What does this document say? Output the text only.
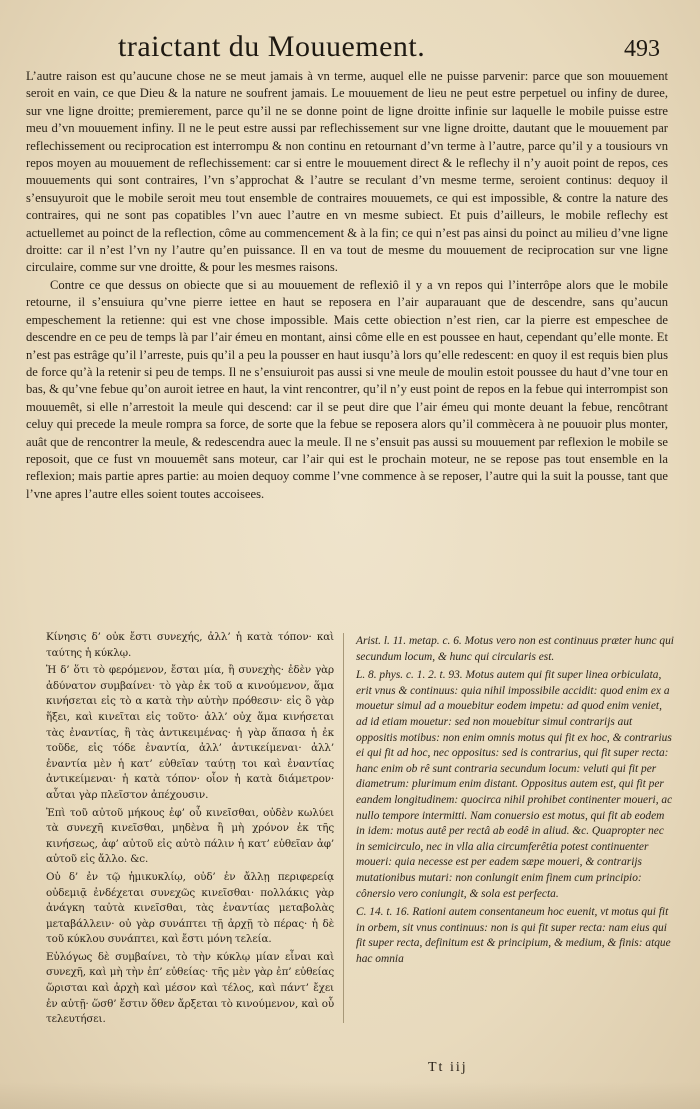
traictant du Mouuement.	493

L’autre raison est qu’aucune chose ne se meut jamais à vn terme, auquel elle ne puisse parvenir: parce que son mouuement seroit en vain, ce que Dieu & la nature ne soufrent jamais. Le mouuement de lieu ne peut estre perpetuel ou infiny de duree, sur vne ligne droitte; premierement, parce qu’il ne se donne point de ligne droitte infinie sur laquelle le mobile puisse estre meu d’vn mouuement infiny. Il ne le peut estre aussi par reflechissement sur vne ligne droitte, dautant que le mouuement par reflechissement ou reciprocation est interrompu & non continu en retournant d’vn terme à l’autre, parce qu’il y a tousiours vn repos moyen au mouuement de reflechissement: car si entre le mouuement direct & le reflechy il n’y auoit point de repos, ces mouuements qui sont contraires, l’vn s’approchat & l’autre se reculant d’vn mesme terme, seroient continus: dequoy il s’ensuyuroit que le mobile seroit meu tout ensemble de contraires mouuemets, ce qui est impossible, & contre la nature des contraires, qui ne sont pas copatibles l’vn auec l’autre en vn mesme subiect. Et puis d’ailleurs, le mobile reflechy est actuellemet au poinct de la reflection, côme au commencement & à la fin; ce qui n’est pas ainsi du poinct au milieu d’vne ligne droitte: car il n’est l’vn ny l’autre qu’en puissance. Il en va tout de mesme du mouuement de reciprocation sur vne ligne circulaire, comme sur vne droitte, & pour les mesmes raisons.

Contre ce que dessus on obiecte que si au mouuement de reflexiô il y a vn repos qui l’interrôpe alors que le mobile retourne, il s’ensuiura qu’vne pierre iettee en haut se reposera en l’air auparauant que de descendre, sans qu’aucun empeschement la retienne: qui est vne chose impossible. Mais cette obiection n’est rien, car la pierre est empeschee de descendre en ce peu de temps là par l’air émeu en montant, ainsi côme elle en est poussee en haut, cependant qu’elle monte. Et n’est pas estrâge qu’il l’arreste, puis qu’il a peu la pousser en haut iusqu’à lors qu’elle redescent: en quoy il est requis bien plus de force qu’à la retenir si peu de temps. Il ne s’ensuiuroit pas aussi si vne meule de moulin estoit poussee du haut d’vne tour en bas, & qu’vne febue qu’on auroit ietree en haut, la vint rencontrer, qu’il n’y eust point de repos en la febue qui interrompist son mouuemêt, si elle n’arrestoit la meule qui descend: car il se peut dire que l’air émeu qui monte deuant la febue, rencôtrant celuy qui precede la meule rompra sa force, de sorte que la febue se reposera alors qu’il commècera à ne pouuoir plus monter, auât que de rencontrer la meule, & redescendra auec la meule. Il ne s’ensuit pas aussi su mouuement par reflexion le mobile se reposoit, que ce fust vn mouuemêt sans moteur, car l’air qui est le prochain moteur, ne se repose pas tout ensemble en la reflexion; mais partie apres partie: au moien dequoy comme l’vne commence à se reposer, l’autre qui la suit la pousse, tant que l’vne apres l’autre elles soient toutes accoisees.

Κίνησις δ’ οὐκ ἔστι συνεχής, ἀλλ’ ἡ κατὰ τόπον· καὶ ταύτης ἡ κύκλῳ.

Ἡ δ’ ὅτι τὸ φερόμενον, ἔσται μία, ἢ συνεχὴς· ἐδὲν γὰρ ἀδύνατον συμβαίνει· τὸ γὰρ ἐκ τοῦ α κινούμενον, ἅμα κινήσεται εἰς τὸ α κατὰ τὴν αὐτὴν πρόθεσιν· εἰς ὃ γὰρ ἥξει, καὶ κινεῖται εἰς τοῦτο· ἀλλ’ οὐχ ἅμα κινήσεται τὰς ἐναντίας, ἢ τὰς ἀντικειμένας· ἡ γὰρ ἅπασα ἡ ἐκ τοῦδε, εἰς τόδε ἐναντία, ἀλλ’ ἀντικείμεναι· ἀλλ’ ἐναντία μὲν ἡ κατ’ εὐθεῖαν ταύτῃ τοι καὶ ἐναντίας ἀντικείμεναι· ἡ κατὰ τόπον· οἷον ἡ κατὰ διάμετρον· αὗται γὰρ πλεῖστον ἀπέχουσιν.

Ἐπὶ τοῦ αὐτοῦ μήκους ἐφ’ οὗ κινεῖσθαι, οὐδὲν κωλύει τὰ συνεχῆ κινεῖσθαι, μηδὲνα ἢ μὴ χρόνον ἐκ τῆς κινήσεως, ἀφ’ αὑτοῦ εἰς αὐτὸ πάλιν ἡ κατ’ εὐθεῖαν ἀφ’ αὑτοῦ εἰς ἄλλο. &c.

Οὐ δ’ ἐν τῷ ἡμικυκλίῳ, οὐδ’ ἐν ἄλλῃ περιφερείᾳ οὐδεμιᾷ ἐνδέχεται συνεχῶς κινεῖσθαι· πολλάκις γὰρ ἀνάγκη ταὐτὰ κινεῖσθαι, τὰς ἐναντίας μεταβολὰς μεταβάλλειν· οὐ γὰρ συνάπτει τῇ ἀρχῇ τὸ πέρας· ἡ δὲ τοῦ κύκλου συνάπτει, καὶ ἔστι μόνη τελεία.

Εὐλόγως δὲ συμβαίνει, τὸ τὴν κύκλῳ μίαν εἶναι καὶ συνεχῆ, καὶ μὴ τὴν ἐπ’ εὐθείας· τῆς μὲν γὰρ ἐπ’ εὐθείας ὥρισται καὶ ἀρχὴ καὶ μέσον καὶ τέλος, καὶ πάντ’ ἔχει ἐν αὑτῇ· ὥσθ’ ἔστιν ὅθεν ἄρξεται τὸ κινούμενον, καὶ οὗ τελευτήσει.

Arist. l. 11. metap. c. 6. Motus vero non est continuus præter hunc qui secundum locum, & hunc qui circularis est.

L. 8. phys. c. 1. 2. t. 93. Motus autem qui fit super linea orbiculata, erit vnus & continuus: quia nihil impossibile accidit: quod enim ex a mouetur simul ad a mouebitur eodem impetu: ad quod enim veniet, ad id etiam mouetur: sed non mouebitur simul contrarijs aut oppositis motibus: non enim omnis motus qui fit ex hoc, & contrarius ei qui fit ad hoc, nec oppositus: sed is contrarius, qui fit super recta: hanc enim ob rê sunt contraria secundum locum: veluti qui fit per diametrum: plurimum enim distant. Oppositus autem est, qui fit per eandem longitudinem: quocirca nihil prohibet continenter moueri, ac nullo tempore intermitti. Nam conuersio est motus, qui fit ab eodem in idem: motus autê per rectâ ab eodê in aliud. &c. Quapropter nec in semicirculo, nec in vlla alia circumferêtia potest continuenter moueri: quia necesse est per eadem sæpe moueri, & contrarijs mutationibus mutari: non conlungit enim finem cum principio: cônersio vero coniungit, & sola est perfecta.

C. 14. t. 16. Rationi autem consentaneum hoc euenit, vt motus qui fit in orbem, sit vnus continuus: non is qui fit super recta: nam eius qui fit super recta, definitum est & principium, & medium, & finis: atque hac omnia

Tt iij
